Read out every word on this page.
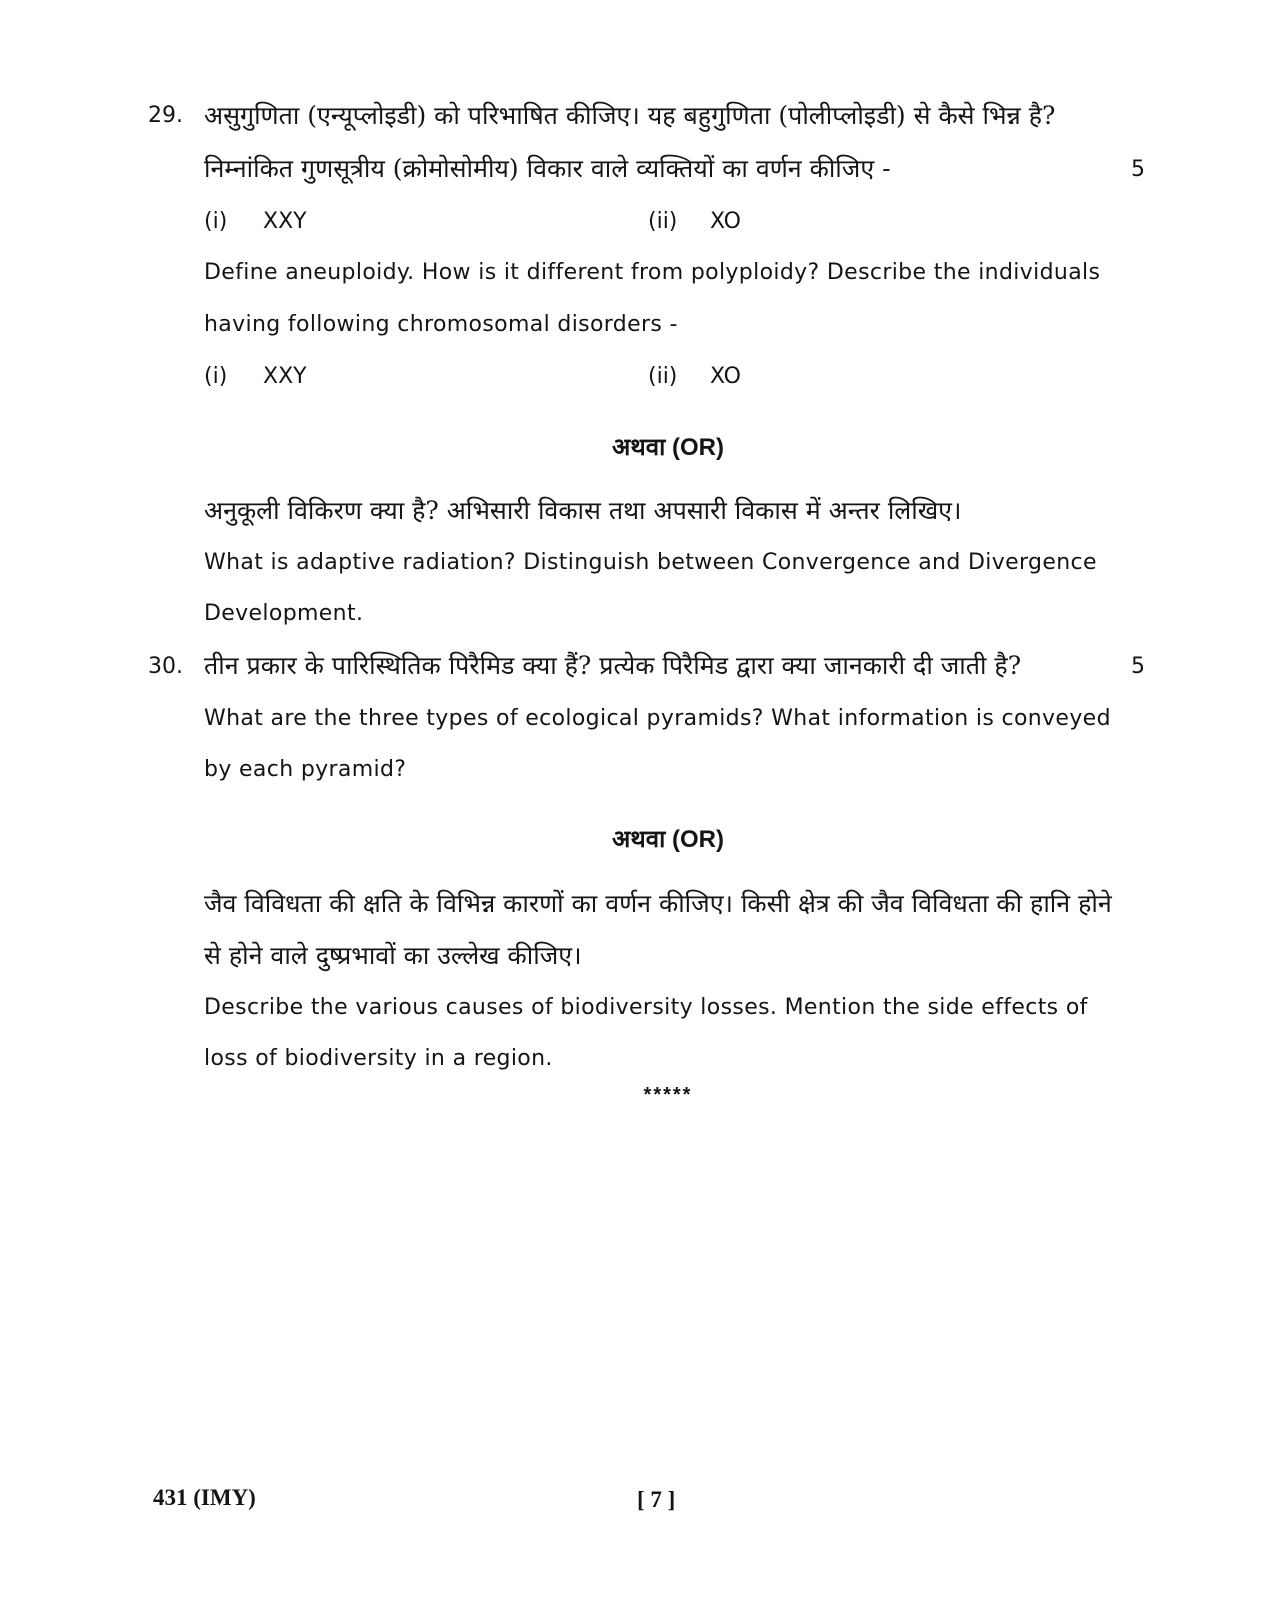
29. असुगुणिता (एन्यूप्लोइडी) को परिभाषित कीजिए। यह बहुगुणिता (पोलीप्लोइडी) से कैसे भिन्न है?
निम्नांकित गुणसूत्रीय (क्रोमोसोमीय) विकार वाले व्यक्तियों का वर्णन कीजिए -	5
(i) XXY	(ii) XO
Define aneuploidy. How is it different from polyploidy? Describe the individuals
having following chromosomal disorders -
(i) XXY	(ii) XO
अथवा (OR)
अनुकूली विकिरण क्या है? अभिसारी विकास तथा अपसारी विकास में अन्तर लिखिए।
What is adaptive radiation? Distinguish between Convergence and Divergence
Development.
30. तीन प्रकार के पारिस्थितिक पिरैमिड क्या हैं? प्रत्येक पिरैमिड द्वारा क्या जानकारी दी जाती है?	5
What are the three types of ecological pyramids? What information is conveyed
by each pyramid?
अथवा (OR)
जैव विविधता की क्षति के विभिन्न कारणों का वर्णन कीजिए। किसी क्षेत्र की जैव विविधता की हानि होने
से होने वाले दुष्प्रभावों का उल्लेख कीजिए।
Describe the various causes of biodiversity losses. Mention the side effects of
loss of biodiversity in a region.
*****
431 (IMY)	[ 7 ]
